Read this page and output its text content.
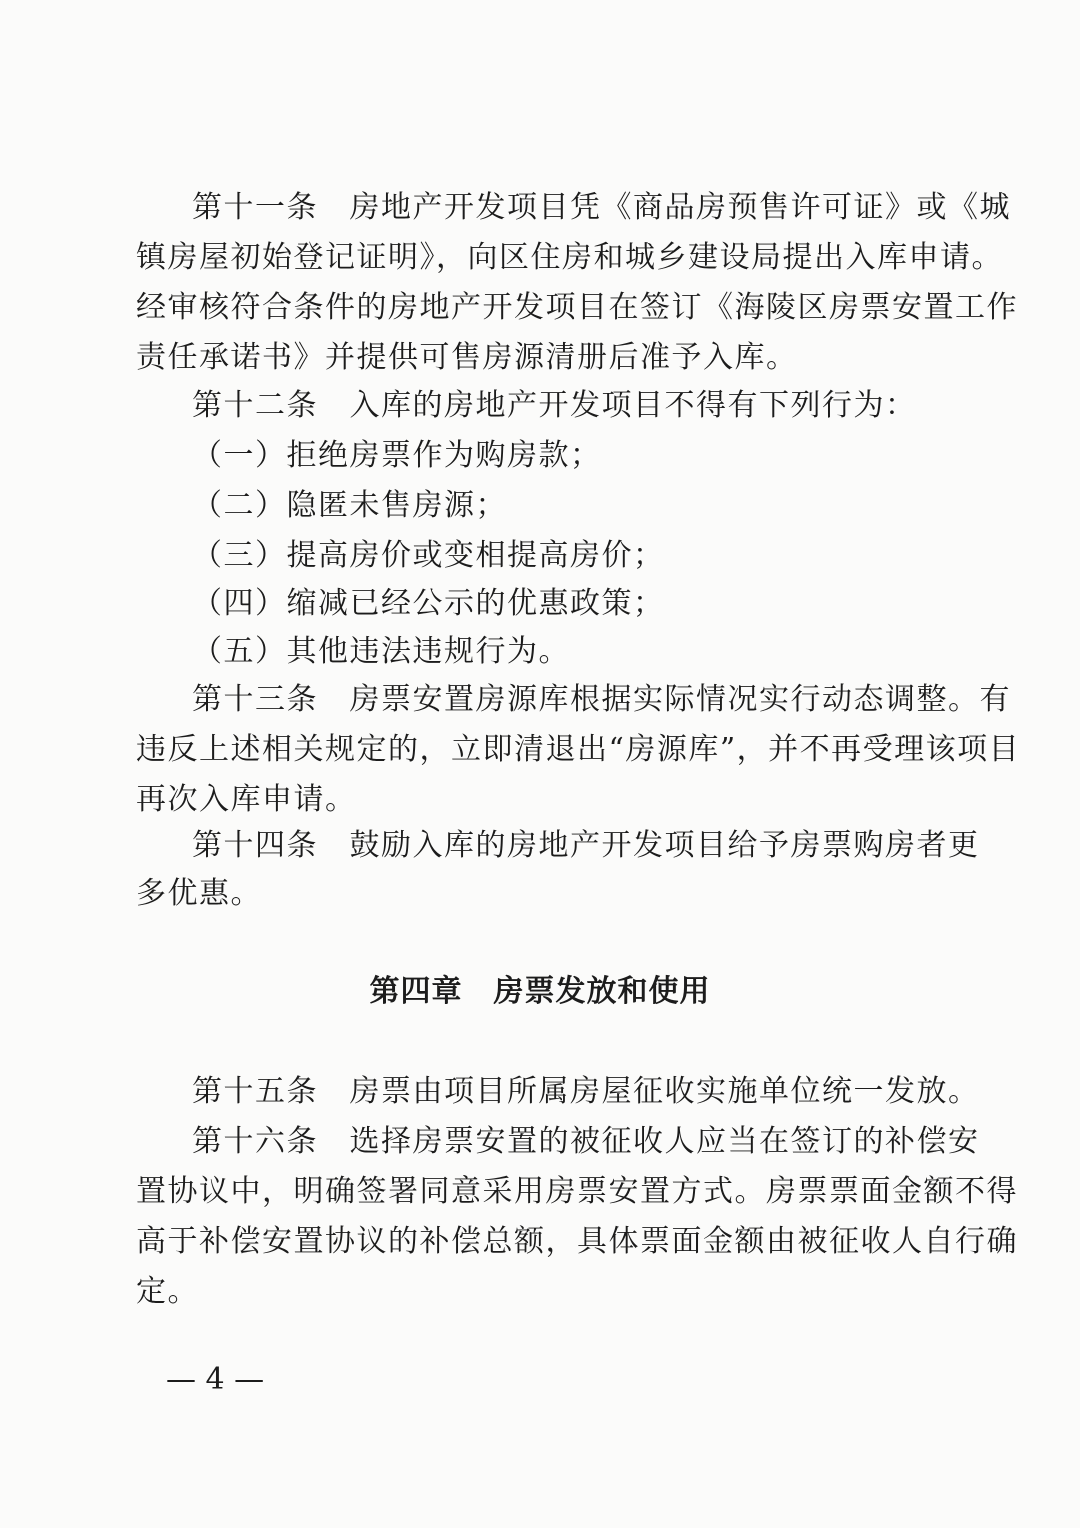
第十一条　房地产开发项目凭《商品房预售许可证》或《城
镇房屋初始登记证明》，向区住房和城乡建设局提出入库申请。
经审核符合条件的房地产开发项目在签订《海陵区房票安置工作
责任承诺书》并提供可售房源清册后准予入库。
第十二条　入库的房地产开发项目不得有下列行为：
（一）拒绝房票作为购房款；
（二）隐匿未售房源；
（三）提高房价或变相提高房价；
（四）缩减已经公示的优惠政策；
（五）其他违法违规行为。
第十三条　房票安置房源库根据实际情况实行动态调整。有
违反上述相关规定的，立即清退出“房源库”，并不再受理该项目
再次入库申请。
第十四条　鼓励入库的房地产开发项目给予房票购房者更
多优惠。
第四章　房票发放和使用
第十五条　房票由项目所属房屋征收实施单位统一发放。
第十六条　选择房票安置的被征收人应当在签订的补偿安
置协议中，明确签署同意采用房票安置方式。房票票面金额不得
高于补偿安置协议的补偿总额，具体票面金额由被征收人自行确
定。
— 4 —
